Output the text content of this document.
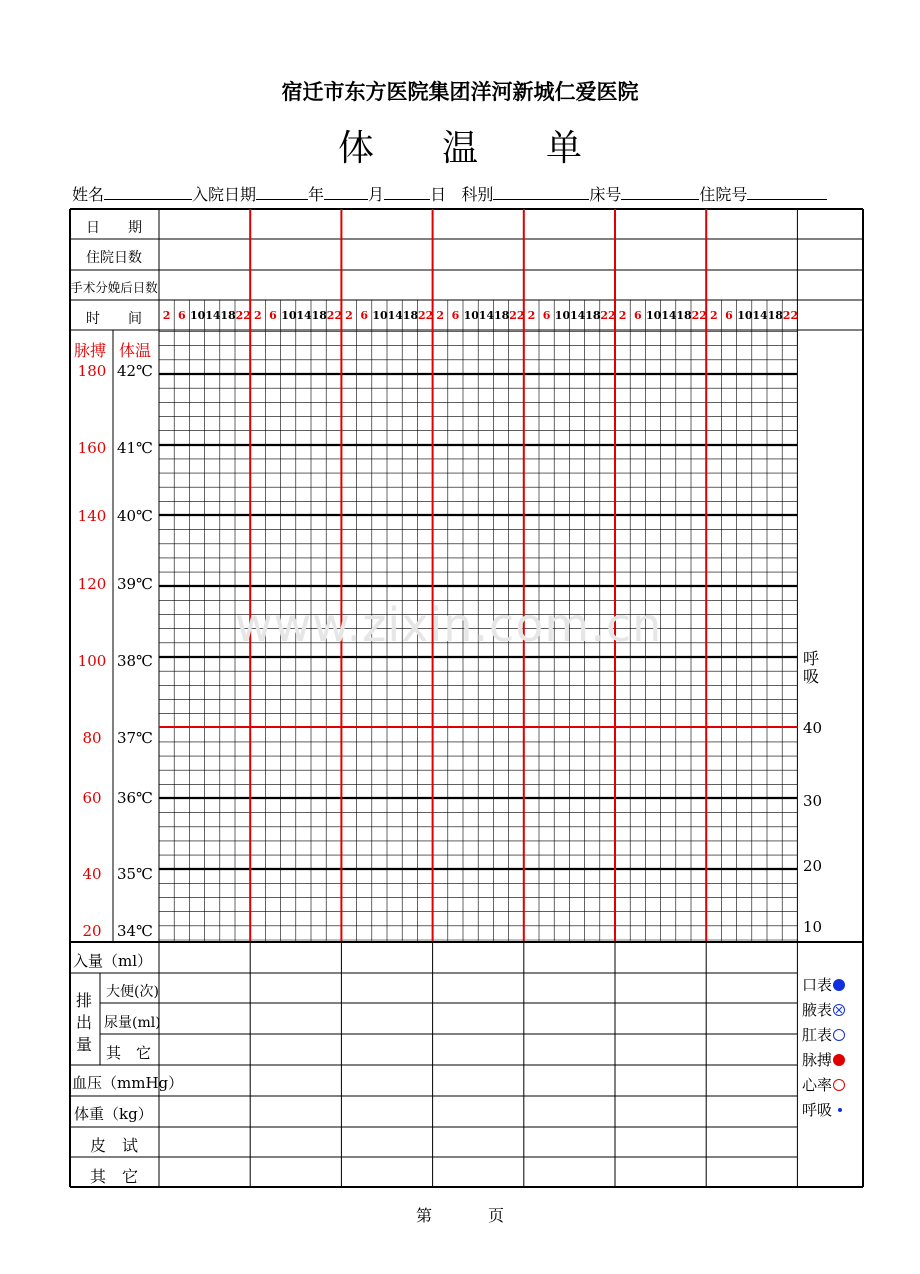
宿迁市东方医院集团洋河新城仁爱医院
体 温 单
姓名	入院日期	年	月	日 科别	床号	住院号
www.zixin.com.cn
日　　期
住院日数
手术分娩后日数
时　　间	2 6 10 14 18 22 2 6 10 14 18 22 2 6 10 14 18 22 2 6 10 14 18 22 2 6 10 14 18 22 2 6 10 14 18 22 2 6 10 14 18 22
脉搏 体温
180
160
140
120
100
80
60
40
20
42℃
41℃
40℃
39℃
38℃
37℃
36℃
35℃
34℃
40
30
20
10
呼
吸
入量（ml）
排
出
量
大便(次)
尿量(ml)
其　它
血压（mmHg）
体重（kg）
皮　试
其　它
口表
腋表
肛表
脉搏
心率
呼吸
第	页
